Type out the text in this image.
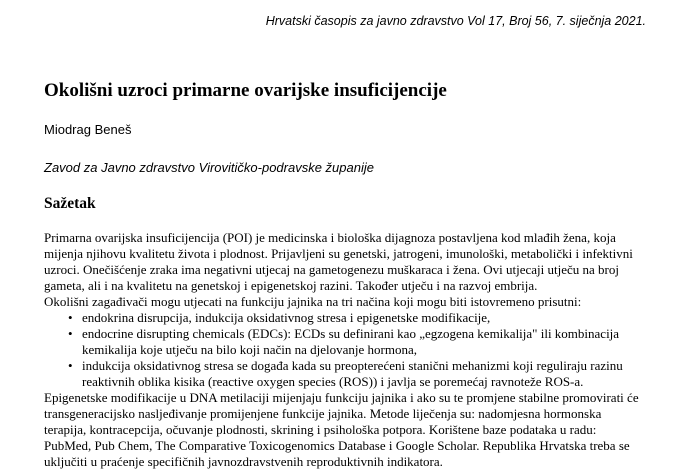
Hrvatski časopis za javno zdravstvo Vol 17, Broj 56, 7. siječnja 2021.
Okolišni uzroci primarne ovarijske insuficijencije
Miodrag Beneš
Zavod za Javno zdravstvo Virovitičko-podravske županije
Sažetak

Primarna ovarijska insuficijencija (POI) je medicinska i biološka dijagnoza postavljena kod mlađih žena, koja mijenja njihovu kvalitetu života i plodnost. Prijavljeni su genetski, jatrogeni, imunološki, metabolički i infektivni uzroci. Onečišćenje zraka ima negativni utjecaj na gametogenezu muškaraca i žena. Ovi utjecaji utječu na broj gameta, ali i na kvalitetu na genetskoj i epigenetskoj razini. Također utječu i na razvoj embrija.

Okolišni zagađivači mogu utjecati na funkciju jajnika na tri načina koji mogu biti istovremeno prisutni:

• endokrina disrupcija, indukcija oksidativnog stresa i epigenetske modifikacije,
• endocrine disrupting chemicals (EDCs): ECDs su definirani kao „egzogena kemikalija" ili kombinacija kemikalija koje utječu na bilo koji način na djelovanje hormona,
• indukcija oksidativnog stresa se događa kada su preopterećeni stanični mehanizmi koji reguliraju razinu reaktivnih oblika kisika (reactive oxygen species (ROS)) i javlja se poremećaj ravnoteže ROS-a.

Epigenetske modifikacije u DNA metilaciji mijenjaju funkciju jajnika i ako su te promjene stabilne promovirati će transgeneracijsko nasljeđivanje promijenjene funkcije jajnika. Metode liječenja su: nadomjesna hormonska terapija, kontracepcija, očuvanje plodnosti, skrining i psihološka potpora. Korištene baze podataka u radu: PubMed, Pub Chem, The Comparative Toxicogenomics Database i Google Scholar. Republika Hrvatska treba se uključiti u praćenje specifičnih javnozdravstvenih reproduktivnih indikatora.
